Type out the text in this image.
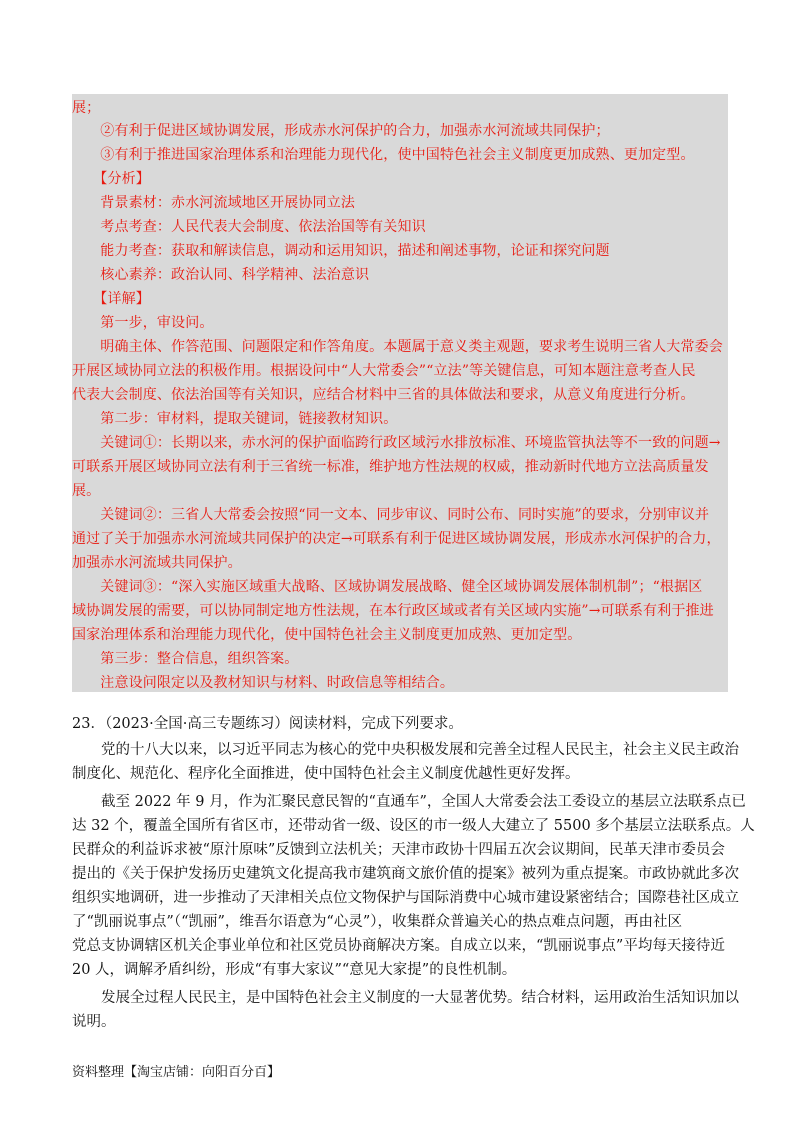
展；
　　②有利于促进区域协调发展，形成赤水河保护的合力，加强赤水河流域共同保护；
　　③有利于推进国家治理体系和治理能力现代化，使中国特色社会主义制度更加成熟、更加定型。
　　【分析】
　　背景素材：赤水河流域地区开展协同立法
　　考点考查：人民代表大会制度、依法治国等有关知识
　　能力考查：获取和解读信息，调动和运用知识，描述和阐述事物，论证和探究问题
　　核心素养：政治认同、科学精神、法治意识
　　【详解】
　　第一步，审设问。
　　明确主体、作答范围、问题限定和作答角度。本题属于意义类主观题，要求考生说明三省人大常委会
开展区域协同立法的积极作用。根据设问中“人大常委会”“立法”等关键信息，可知本题注意考查人民
代表大会制度、依法治国等有关知识，应结合材料中三省的具体做法和要求，从意义角度进行分析。
　　第二步：审材料，提取关键词，链接教材知识。
　　关键词①：长期以来，赤水河的保护面临跨行政区域污水排放标准、环境监管执法等不一致的问题→
可联系开展区域协同立法有利于三省统一标准，维护地方性法规的权威，推动新时代地方立法高质量发
展。
　　关键词②：三省人大常委会按照“同一文本、同步审议、同时公布、同时实施”的要求，分别审议并
通过了关于加强赤水河流域共同保护的决定→可联系有利于促进区域协调发展，形成赤水河保护的合力，
加强赤水河流域共同保护。
　　关键词③：“深入实施区域重大战略、区域协调发展战略、健全区域协调发展体制机制”；“根据区
域协调发展的需要，可以协同制定地方性法规，在本行政区域或者有关区域内实施”→可联系有利于推进
国家治理体系和治理能力现代化，使中国特色社会主义制度更加成熟、更加定型。
　　第三步：整合信息，组织答案。
　　注意设问限定以及教材知识与材料、时政信息等相结合。
23．（2023·全国·高三专题练习）阅读材料，完成下列要求。
　　党的十八大以来，以习近平同志为核心的党中央积极发展和完善全过程人民民主，社会主义民主政治
制度化、规范化、程序化全面推进，使中国特色社会主义制度优越性更好发挥。
　　截至 2022 年 9 月，作为汇聚民意民智的“直通车”，全国人大常委会法工委设立的基层立法联系点已
达 32 个，覆盖全国所有省区市，还带动省一级、设区的市一级人大建立了 5500 多个基层立法联系点。人
民群众的利益诉求被“原汁原味”反馈到立法机关；天津市政协十四届五次会议期间，民革天津市委员会
提出的《关于保护发扬历史建筑文化提高我市建筑商文旅价值的提案》被列为重点提案。市政协就此多次
组织实地调研，进一步推动了天津相关点位文物保护与国际消费中心城市建设紧密结合；国際巷社区成立
了“凯丽说事点”（“凯丽”，维吾尔语意为“心灵”），收集群众普遍关心的热点难点问题，再由社区
党总支协调辖区机关企事业单位和社区党员协商解决方案。自成立以来，“凯丽说事点”平均每天接待近
20 人，调解矛盾纠纷，形成“有事大家议”“意见大家提”的良性机制。
　　发展全过程人民民主，是中国特色社会主义制度的一大显著优势。结合材料，运用政治生活知识加以
说明。
资料整理【淘宝店铺：向阳百分百】
